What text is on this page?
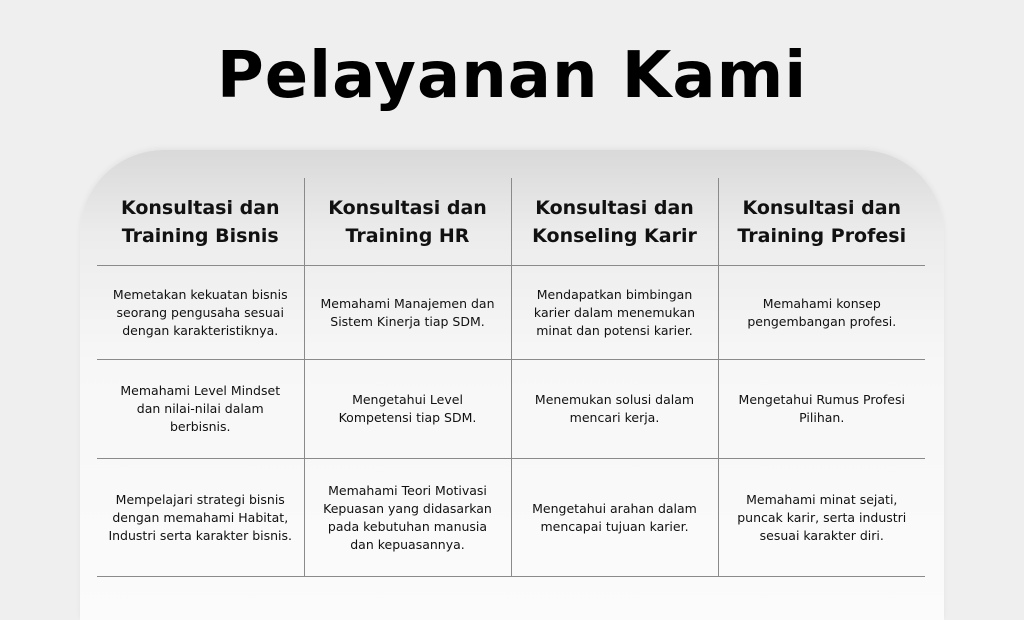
Pelayanan Kami
Konsultasi dan Training Bisnis	Konsultasi dan Training HR	Konsultasi dan Konseling Karir	Konsultasi dan Training Profesi
Memetakan kekuatan bisnis seorang pengusaha sesuai dengan karakteristiknya.	Memahami Manajemen dan Sistem Kinerja tiap SDM.	Mendapatkan bimbingan karier dalam menemukan minat dan potensi karier.	Memahami konsep pengembangan profesi.
Memahami Level Mindset dan nilai-nilai dalam berbisnis.	Mengetahui Level Kompetensi tiap SDM.	Menemukan solusi dalam mencari kerja.	Mengetahui Rumus Profesi Pilihan.
Mempelajari strategi bisnis dengan memahami Habitat, Industri serta karakter bisnis.	Memahami Teori Motivasi Kepuasan yang didasarkan pada kebutuhan manusia dan kepuasannya.	Mengetahui arahan dalam mencapai tujuan karier.	Memahami minat sejati, puncak karir, serta industri sesuai karakter diri.
